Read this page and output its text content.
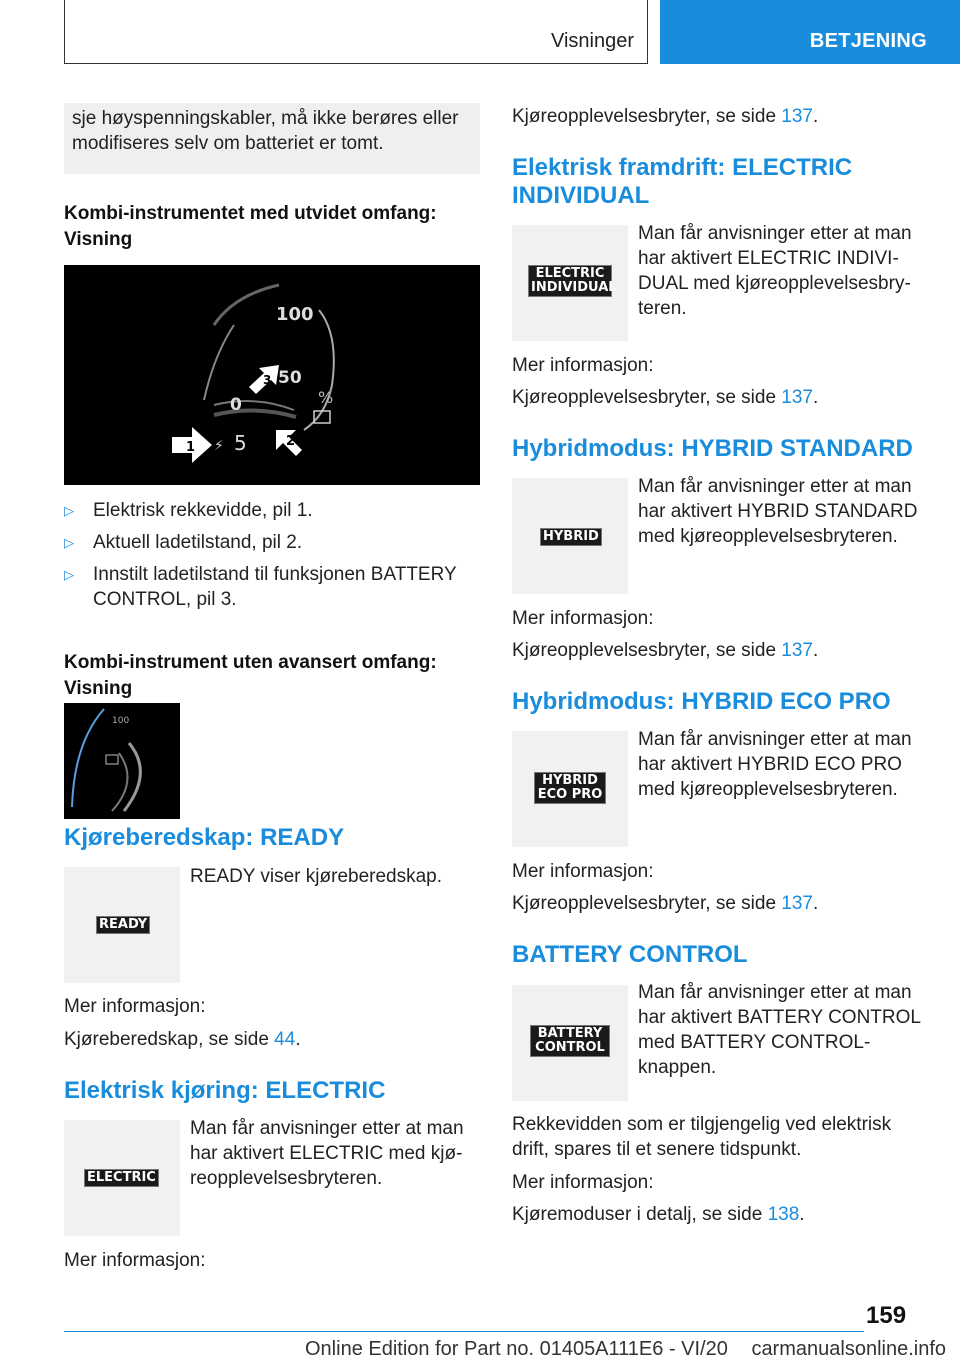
Visninger	BETJENING
sje høyspenningskabler, må ikke berøres eller modifiseres selv om batteriet er tomt.
Kombi-instrumentet med utvidet omfang: Visning
100
50
0
5
%
⚡
1	2
3
▷ Elektrisk rekkevidde, pil 1.
▷ Aktuell ladetilstand, pil 2.
▷ Innstilt ladetilstand til funksjonen BATTERY CONTROL, pil 3.
Kombi-instrument uten avansert omfang: Visning
100
Kjøreberedskap: READY
READY
READY viser kjøreberedskap.
Mer informasjon:
Kjøreberedskap, se side 44.
Elektrisk kjøring: ELECTRIC
ELECTRIC
Man får anvisninger etter at man har aktivert ELECTRIC med kjøreopplevelsesbryteren.
Mer informasjon:
Kjøreopplevelsesbryter, se side 137.
Elektrisk framdrift: ELECTRIC INDIVIDUAL
ELECTRIC INDIVIDUAL
Man får anvisninger etter at man har aktivert ELECTRIC INDIVIDUAL med kjøreopplevelsesbryteren.
Mer informasjon:
Kjøreopplevelsesbryter, se side 137.
Hybridmodus: HYBRID STANDARD
HYBRID
Man får anvisninger etter at man har aktivert HYBRID STANDARD med kjøreopplevelsesbryteren.
Mer informasjon:
Kjøreopplevelsesbryter, se side 137.
Hybridmodus: HYBRID ECO PRO
HYBRID ECO PRO
Man får anvisninger etter at man har aktivert HYBRID ECO PRO med kjøreopplevelsesbryteren.
Mer informasjon:
Kjøreopplevelsesbryter, se side 137.
BATTERY CONTROL
BATTERY CONTROL
Man får anvisninger etter at man har aktivert BATTERY CONTROL med BATTERY CONTROL-knappen.
Rekkevidden som er tilgjengelig ved elektrisk drift, spares til et senere tidspunkt.
Mer informasjon:
Kjøremoduser i detalj, se side 138.
159
Online Edition for Part no. 01405A111E6 - VI/20 carmanualsonline.info
